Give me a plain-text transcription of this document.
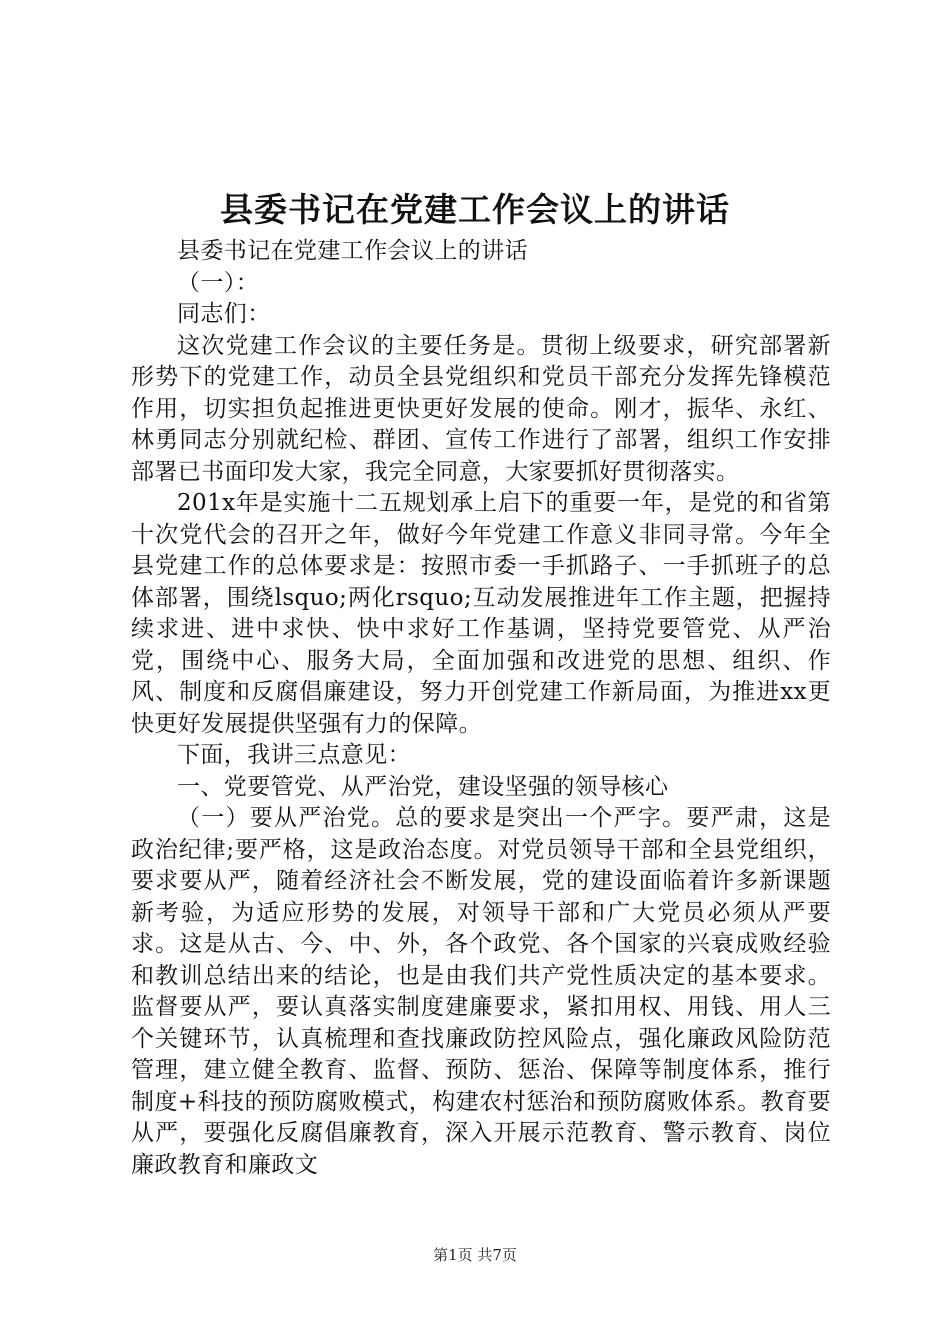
县委书记在党建工作会议上的讲话

县委书记在党建工作会议上的讲话

（一）：

同志们：

这次党建工作会议的主要任务是。贯彻上级要求，研究部署新形势下的党建工作，动员全县党组织和党员干部充分发挥先锋模范作用，切实担负起推进更快更好发展的使命。刚才，振华、永红、林勇同志分别就纪检、群团、宣传工作进行了部署，组织工作安排部署已书面印发大家，我完全同意，大家要抓好贯彻落实。

201x年是实施十二五规划承上启下的重要一年，是党的和省第十次党代会的召开之年，做好今年党建工作意义非同寻常。今年全县党建工作的总体要求是：按照市委一手抓路子、一手抓班子的总体部署，围绕lsquo;两化rsquo;互动发展推进年工作主题，把握持续求进、进中求快、快中求好工作基调，坚持党要管党、从严治党，围绕中心、服务大局，全面加强和改进党的思想、组织、作风、制度和反腐倡廉建设，努力开创党建工作新局面，为推进xx更快更好发展提供坚强有力的保障。

下面，我讲三点意见：

一、党要管党、从严治党，建设坚强的领导核心

（一）要从严治党。总的要求是突出一个严字。要严肃，这是政治纪律;要严格，这是政治态度。对党员领导干部和全县党组织，要求要从严，随着经济社会不断发展，党的建设面临着许多新课题新考验，为适应形势的发展，对领导干部和广大党员必须从严要求。这是从古、今、中、外，各个政党、各个国家的兴衰成败经验和教训总结出来的结论，也是由我们共产党性质决定的基本要求。监督要从严，要认真落实制度建廉要求，紧扣用权、用钱、用人三个关键环节，认真梳理和查找廉政防控风险点，强化廉政风险防范管理，建立健全教育、监督、预防、惩治、保障等制度体系，推行制度+科技的预防腐败模式，构建农村惩治和预防腐败体系。教育要从严，要强化反腐倡廉教育，深入开展示范教育、警示教育、岗位廉政教育和廉政文

第1页 共7页
